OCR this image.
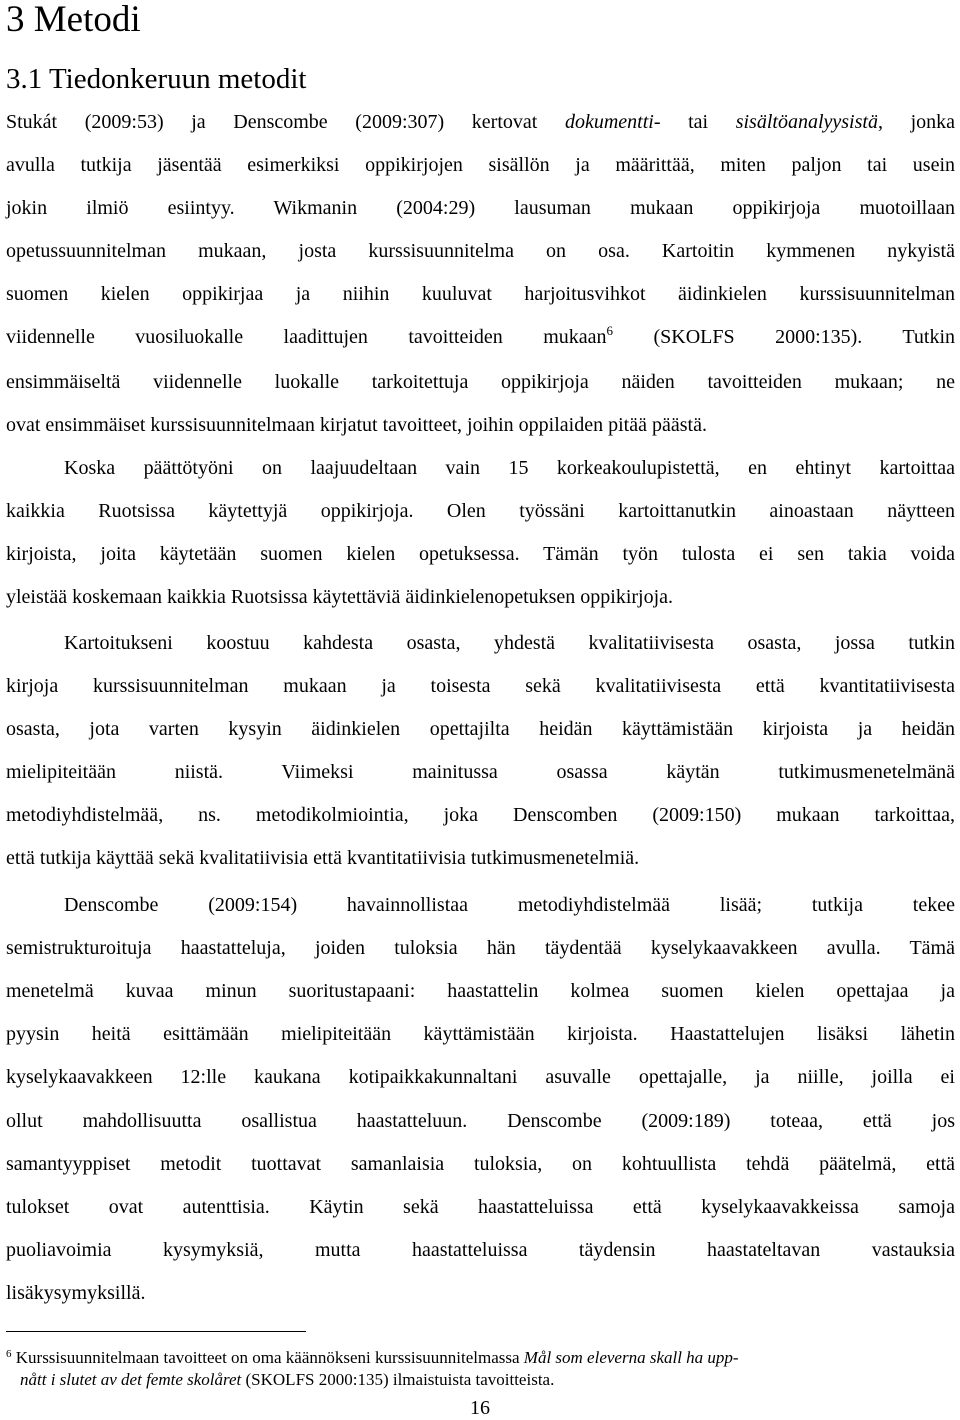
3 Metodi
3.1 Tiedonkeruun metodit
Stukát (2009:53) ja Denscombe (2009:307) kertovat dokumentti- tai sisältöanalyysistä, jonka
avulla tutkija jäsentää esimerkiksi oppikirjojen sisällön ja määrittää, miten paljon tai usein
jokin ilmiö esiintyy. Wikmanin (2004:29) lausuman mukaan oppikirjoja muotoillaan
opetussuunnitelman mukaan, josta kurssisuunnitelma on osa. Kartoitin kymmenen nykyistä
suomen kielen oppikirjaa ja niihin kuuluvat harjoitusvihkot äidinkielen kurssisuunnitelman
viidennelle vuosiluokalle laadittujen tavoitteiden mukaan$^6$ (SKOLFS 2000:135). Tutkin
ensimmäiseltä viidennelle luokalle tarkoitettuja oppikirjoja näiden tavoitteiden mukaan; ne
ovat ensimmäiset kurssisuunnitelmaan kirjatut tavoitteet, joihin oppilaiden pitää päästä.
Koska päättötyöni on laajuudeltaan vain 15 korkeakoulupistettä, en ehtinyt kartoittaa
kaikkia Ruotsissa käytettyjä oppikirjoja. Olen työssäni kartoittanutkin ainoastaan näytteen
kirjoista, joita käytetään suomen kielen opetuksessa. Tämän työn tulosta ei sen takia voida
yleistää koskemaan kaikkia Ruotsissa käytettäviä äidinkielenopetuksen oppikirjoja.
Kartoitukseni koostuu kahdesta osasta, yhdestä kvalitatiivisesta osasta, jossa tutkin
kirjoja kurssisuunnitelman mukaan ja toisesta sekä kvalitatiivisesta että kvantitatiivisesta
osasta, jota varten kysyin äidinkielen opettajilta heidän käyttämistään kirjoista ja heidän
mielipiteitään niistä. Viimeksi mainitussa osassa käytän tutkimusmenetelmänä
metodiyhdistelmää, ns. metodikolmiointia, joka Denscomben (2009:150) mukaan tarkoittaa,
että tutkija käyttää sekä kvalitatiivisia että kvantitatiivisia tutkimusmenetelmiä.
Denscombe (2009:154) havainnollistaa metodiyhdistelmää lisää; tutkija tekee
semistrukturoituja haastatteluja, joiden tuloksia hän täydentää kyselykaavakkeen avulla. Tämä
menetelmä kuvaa minun suoritustapaani: haastattelin kolmea suomen kielen opettajaa ja
pyysin heitä esittämään mielipiteitään käyttämistään kirjoista. Haastattelujen lisäksi lähetin
kyselykaavakkeen 12:lle kaukana kotipaikkakunnaltani asuvalle opettajalle, ja niille, joilla ei
ollut mahdollisuutta osallistua haastatteluun. Denscombe (2009:189) toteaa, että jos
samantyyppiset metodit tuottavat samanlaisia tuloksia, on kohtuullista tehdä päätelmä, että
tulokset ovat autenttisia. Käytin sekä haastatteluissa että kyselykaavakkeissa samoja
puoliavoimia kysymyksiä, mutta haastatteluissa täydensin haastateltavan vastauksia
lisäkysymyksillä.
$^6$ Kurssisuunnitelmaan tavoitteet on oma käännökseni kurssisuunnitelmassa Mål som eleverna skall ha upp-
nått i slutet av det femte skolåret (SKOLFS 2000:135) ilmaistuista tavoitteista.
16
